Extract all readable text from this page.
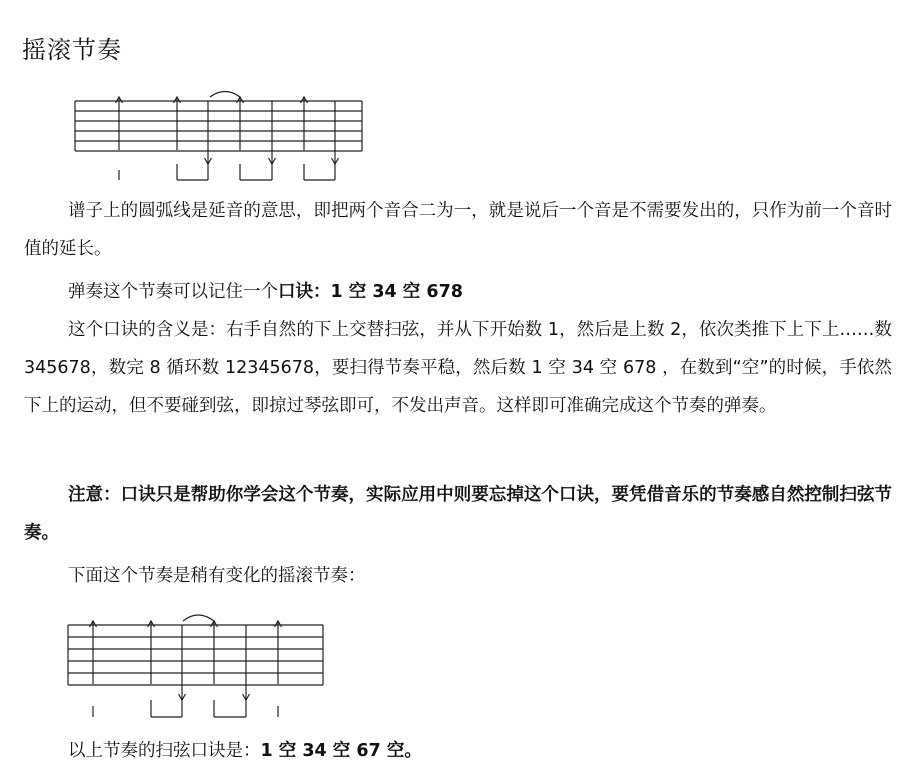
摇滚节奏

谱子上的圆弧线是延音的意思，即把两个音合二为一，就是说后一个音是不需要发出的，只作为前一个音时值的延长。

弹奏这个节奏可以记住一个口诀：1 空 34 空 678

这个口诀的含义是：右手自然的下上交替扫弦，并从下开始数 1，然后是上数 2，依次类推下上下上……数 345678，数完 8 循环数 12345678，要扫得节奏平稳，然后数 1 空 34 空 678 ，在数到“空”的时候，手依然下上的运动，但不要碰到弦，即掠过琴弦即可，不发出声音。这样即可准确完成这个节奏的弹奏。

注意：口诀只是帮助你学会这个节奏，实际应用中则要忘掉这个口诀，要凭借音乐的节奏感自然控制扫弦节奏。

下面这个节奏是稍有变化的摇滚节奏：

以上节奏的扫弦口诀是：1 空 34 空 67 空。
